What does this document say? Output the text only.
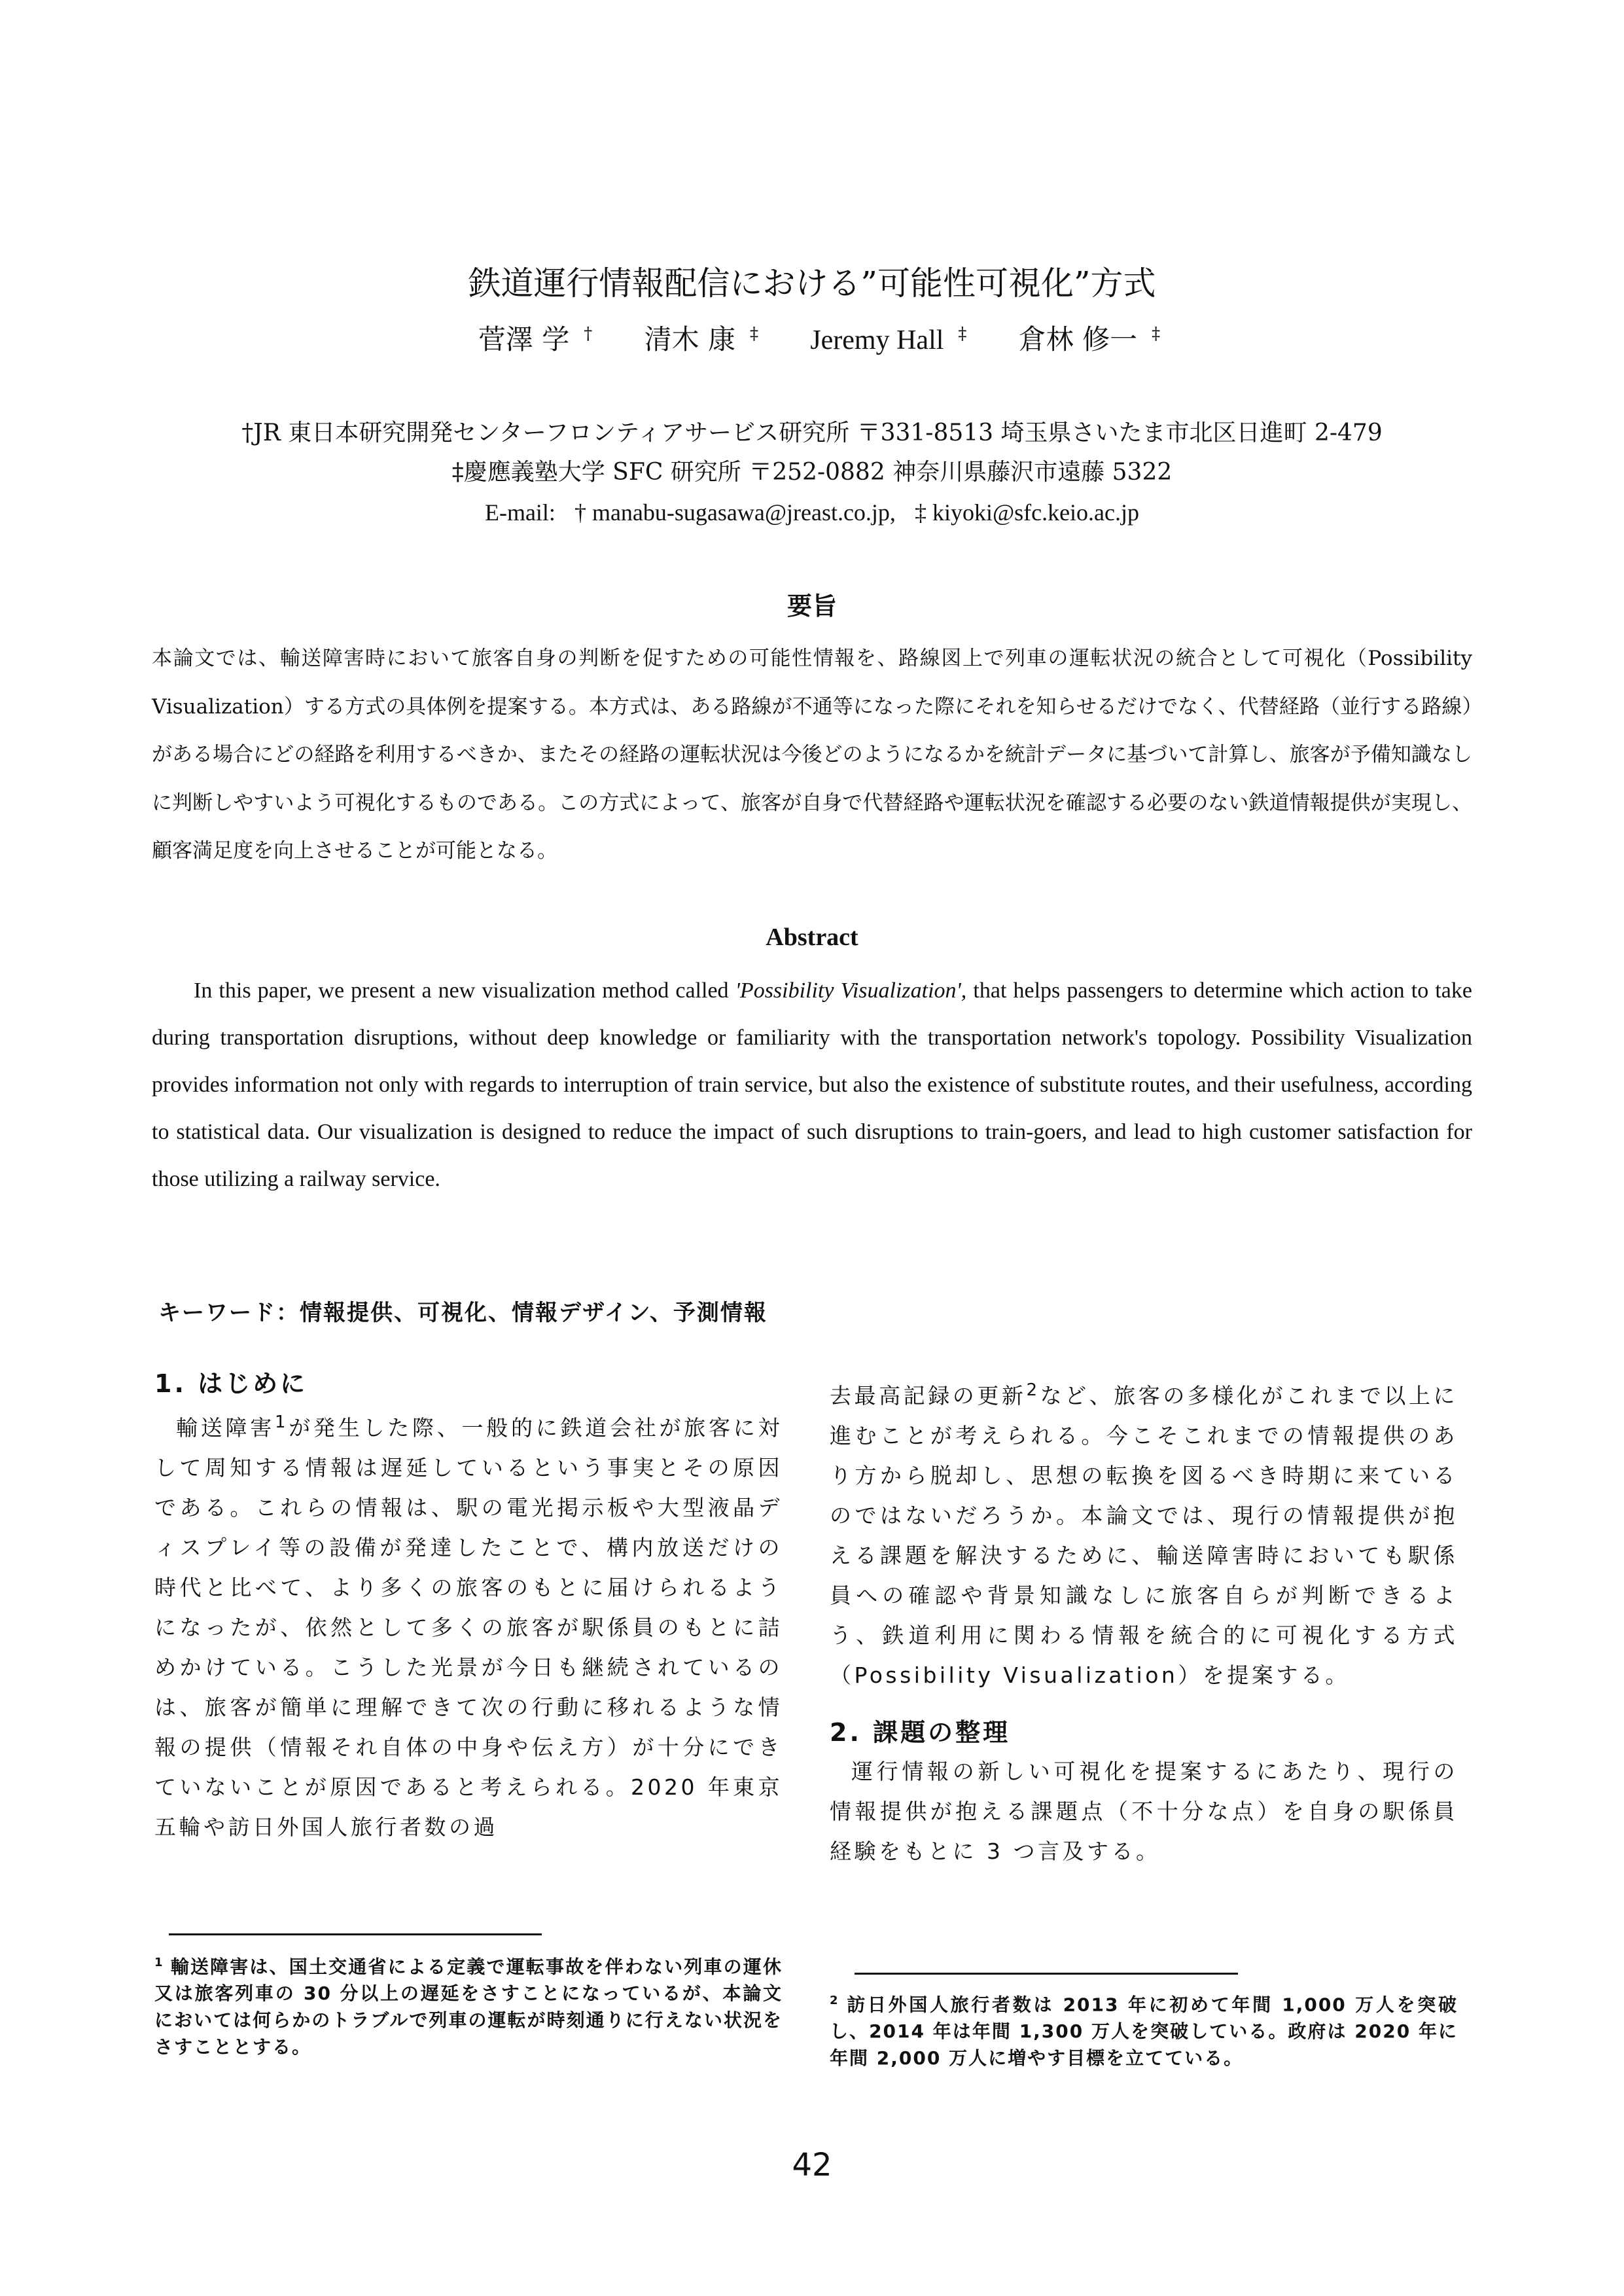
鉄道運行情報配信における”可能性可視化”方式
菅澤 学 † 清木 康 ‡ Jeremy Hall ‡ 倉林 修一 ‡
†JR 東日本研究開発センターフロンティアサービス研究所 〒331-8513 埼玉県さいたま市北区日進町 2-479
‡慶應義塾大学 SFC 研究所 〒252-0882 神奈川県藤沢市遠藤 5322
E-mail: † manabu-sugasawa@jreast.co.jp, ‡ kiyoki@sfc.keio.ac.jp
要旨
本論文では、輸送障害時において旅客自身の判断を促すための可能性情報を、路線図上で列車の運転状況の統合として可視化（Possibility Visualization）する方式の具体例を提案する。本方式は、ある路線が不通等になった際にそれを知らせるだけでなく、代替経路（並行する路線）がある場合にどの経路を利用するべきか、またその経路の運転状況は今後どのようになるかを統計データに基づいて計算し、旅客が予備知識なしに判断しやすいよう可視化するものである。この方式によって、旅客が自身で代替経路や運転状況を確認する必要のない鉄道情報提供が実現し、顧客満足度を向上させることが可能となる。
Abstract
In this paper, we present a new visualization method called 'Possibility Visualization', that helps passengers to determine which action to take during transportation disruptions, without deep knowledge or familiarity with the transportation network's topology. Possibility Visualization provides information not only with regards to interruption of train service, but also the existence of substitute routes, and their usefulness, according to statistical data. Our visualization is designed to reduce the impact of such disruptions to train-goers, and lead to high customer satisfaction for those utilizing a railway service.
キーワード：情報提供、可視化、情報デザイン、予測情報
1. はじめに

輸送障害$^1$が発生した際、一般的に鉄道会社が旅客に対して周知する情報は遅延しているという事実とその原因である。これらの情報は、駅の電光掲示板や大型液晶ディスプレイ等の設備が発達したことで、構内放送だけの時代と比べて、より多くの旅客のもとに届けられるようになったが、依然として多くの旅客が駅係員のもとに詰めかけている。こうした光景が今日も継続されているのは、旅客が簡単に理解できて次の行動に移れるような情報の提供（情報それ自体の中身や伝え方）が十分にできていないことが原因であると考えられる。2020 年東京五輪や訪日外国人旅行者数の過

去最高記録の更新$^2$など、旅客の多様化がこれまで以上に進むことが考えられる。今こそこれまでの情報提供のあり方から脱却し、思想の転換を図るべき時期に来ているのではないだろうか。本論文では、現行の情報提供が抱える課題を解決するために、輸送障害時においても駅係員への確認や背景知識なしに旅客自らが判断できるよう、鉄道利用に関わる情報を統合的に可視化する方式（Possibility Visualization）を提案する。

2. 課題の整理

運行情報の新しい可視化を提案するにあたり、現行の情報提供が抱える課題点（不十分な点）を自身の駅係員経験をもとに 3 つ言及する。

$^1$ 輸送障害は、国土交通省による定義で運転事故を伴わない列車の運休又は旅客列車の 30 分以上の遅延をさすことになっているが、本論文においては何らかのトラブルで列車の運転が時刻通りに行えない状況をさすこととする。
$^2$ 訪日外国人旅行者数は 2013 年に初めて年間 1,000 万人を突破し、2014 年は年間 1,300 万人を突破している。政府は 2020 年に年間 2,000 万人に増やす目標を立てている。
42
